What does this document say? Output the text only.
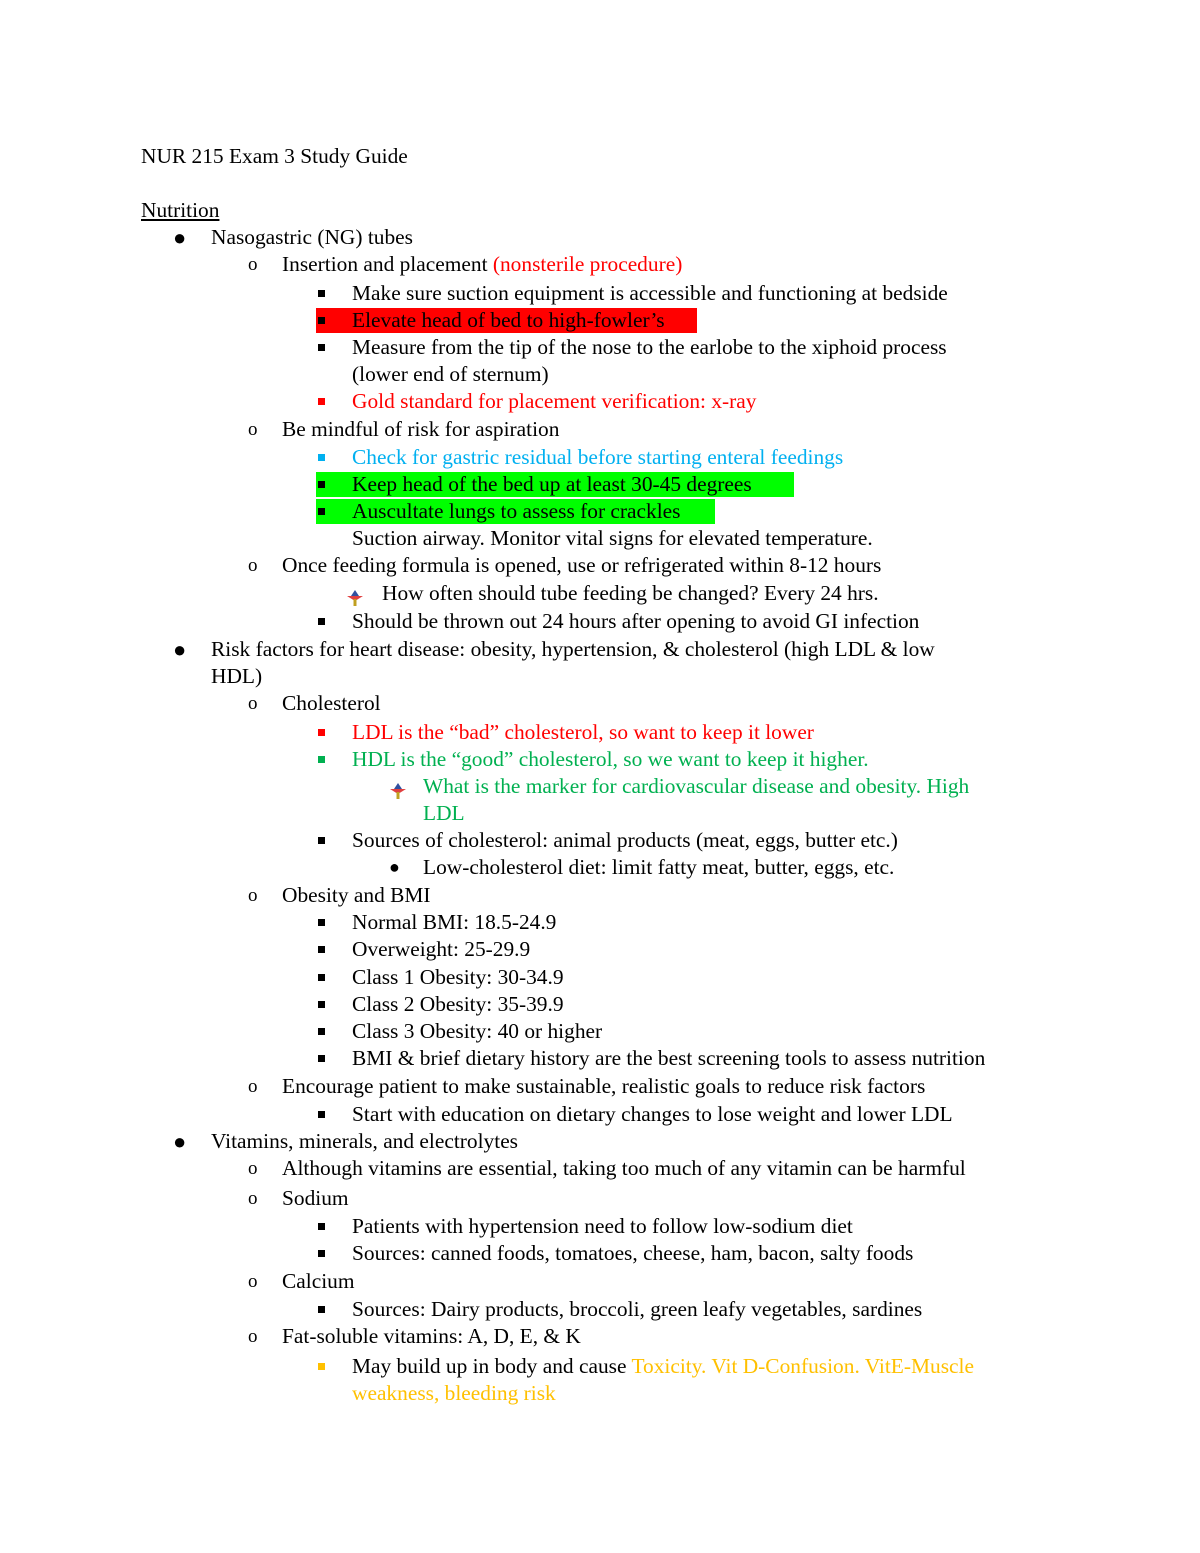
NUR 215 Exam 3 Study Guide
Nutrition
● Nasogastric (NG) tubes
o Insertion and placement (nonsterile procedure)
Make sure suction equipment is accessible and functioning at bedside
Elevate head of bed to high-fowler’s
Measure from the tip of the nose to the earlobe to the xiphoid process
(lower end of sternum)
Gold standard for placement verification: x-ray
o Be mindful of risk for aspiration
Check for gastric residual before starting enteral feedings
Keep head of the bed up at least 30-45 degrees
Auscultate lungs to assess for crackles
Suction airway. Monitor vital signs for elevated temperature.
o Once feeding formula is opened, use or refrigerated within 8-12 hours
How often should tube feeding be changed? Every 24 hrs.
Should be thrown out 24 hours after opening to avoid GI infection
● Risk factors for heart disease: obesity, hypertension, & cholesterol (high LDL & low
HDL)
o Cholesterol
LDL is the “bad” cholesterol, so want to keep it lower
HDL is the “good” cholesterol, so we want to keep it higher.
What is the marker for cardiovascular disease and obesity. High
LDL
Sources of cholesterol: animal products (meat, eggs, butter etc.)
● Low-cholesterol diet: limit fatty meat, butter, eggs, etc.
o Obesity and BMI
Normal BMI: 18.5-24.9
Overweight: 25-29.9
Class 1 Obesity: 30-34.9
Class 2 Obesity: 35-39.9
Class 3 Obesity: 40 or higher
BMI & brief dietary history are the best screening tools to assess nutrition
o Encourage patient to make sustainable, realistic goals to reduce risk factors
Start with education on dietary changes to lose weight and lower LDL
● Vitamins, minerals, and electrolytes
o Although vitamins are essential, taking too much of any vitamin can be harmful
o Sodium
Patients with hypertension need to follow low-sodium diet
Sources: canned foods, tomatoes, cheese, ham, bacon, salty foods
o Calcium
Sources: Dairy products, broccoli, green leafy vegetables, sardines
o Fat-soluble vitamins: A, D, E, & K
May build up in body and cause Toxicity. Vit D-Confusion. VitE-Muscle
weakness, bleeding risk
